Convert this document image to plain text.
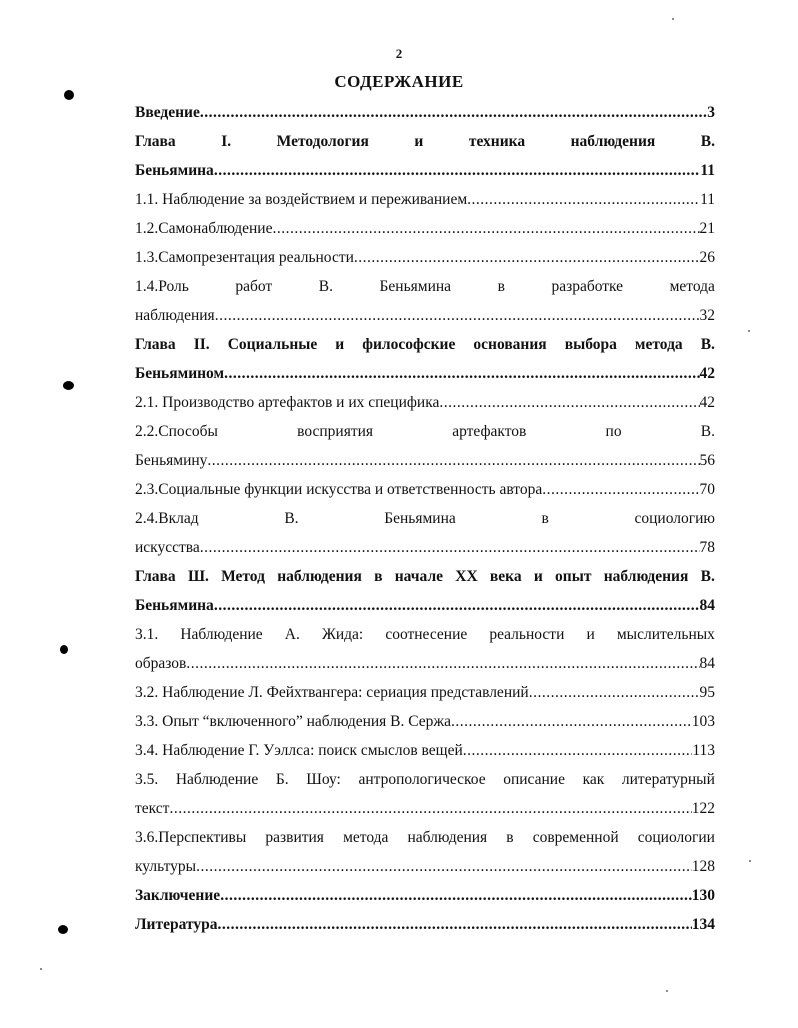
2
СОДЕРЖАНИЕ
Введение .....	3
Глава	I.	Методология	и	техника	наблюдения	В.
Беньямина .....	11
1.1. Наблюдение за воздействием и переживанием .....	11
1.2.Самонаблюдение .....	21
1.3.Самопрезентация реальности .....	26
1.4.Роль	работ	В.	Беньямина	в	разработке	метода
наблюдения .....	32
Глава II. Социальные и философские основания выбора метода В.
Беньямином .....	42
2.1. Производство артефактов и их специфика .....	42
2.2.Способы	восприятия	артефактов	по	В.
Беньямину .....	56
2.3.Социальные функции искусства и ответственность автора .....	70
2.4.Вклад	В.	Беньямина	в	социологию
искусства .....	78
Глава Ш. Метод наблюдения в начале XX века и опыт наблюдения В.
Беньямина .....	84
3.1. Наблюдение А. Жида: соотнесение реальности и мыслительных
образов .....	84
3.2. Наблюдение Л. Фейхтвангера: сериация представлений .....	95
3.3. Опыт “включенного” наблюдения В. Сержа .....	103
3.4. Наблюдение Г. Уэллса: поиск смыслов вещей .....	113
3.5. Наблюдение Б. Шоу: антропологическое описание как литературный
текст .....	122
3.6.Перспективы развития метода наблюдения в современной социологии
культуры .....	128
Заключение .....	130
Литература .....	134
